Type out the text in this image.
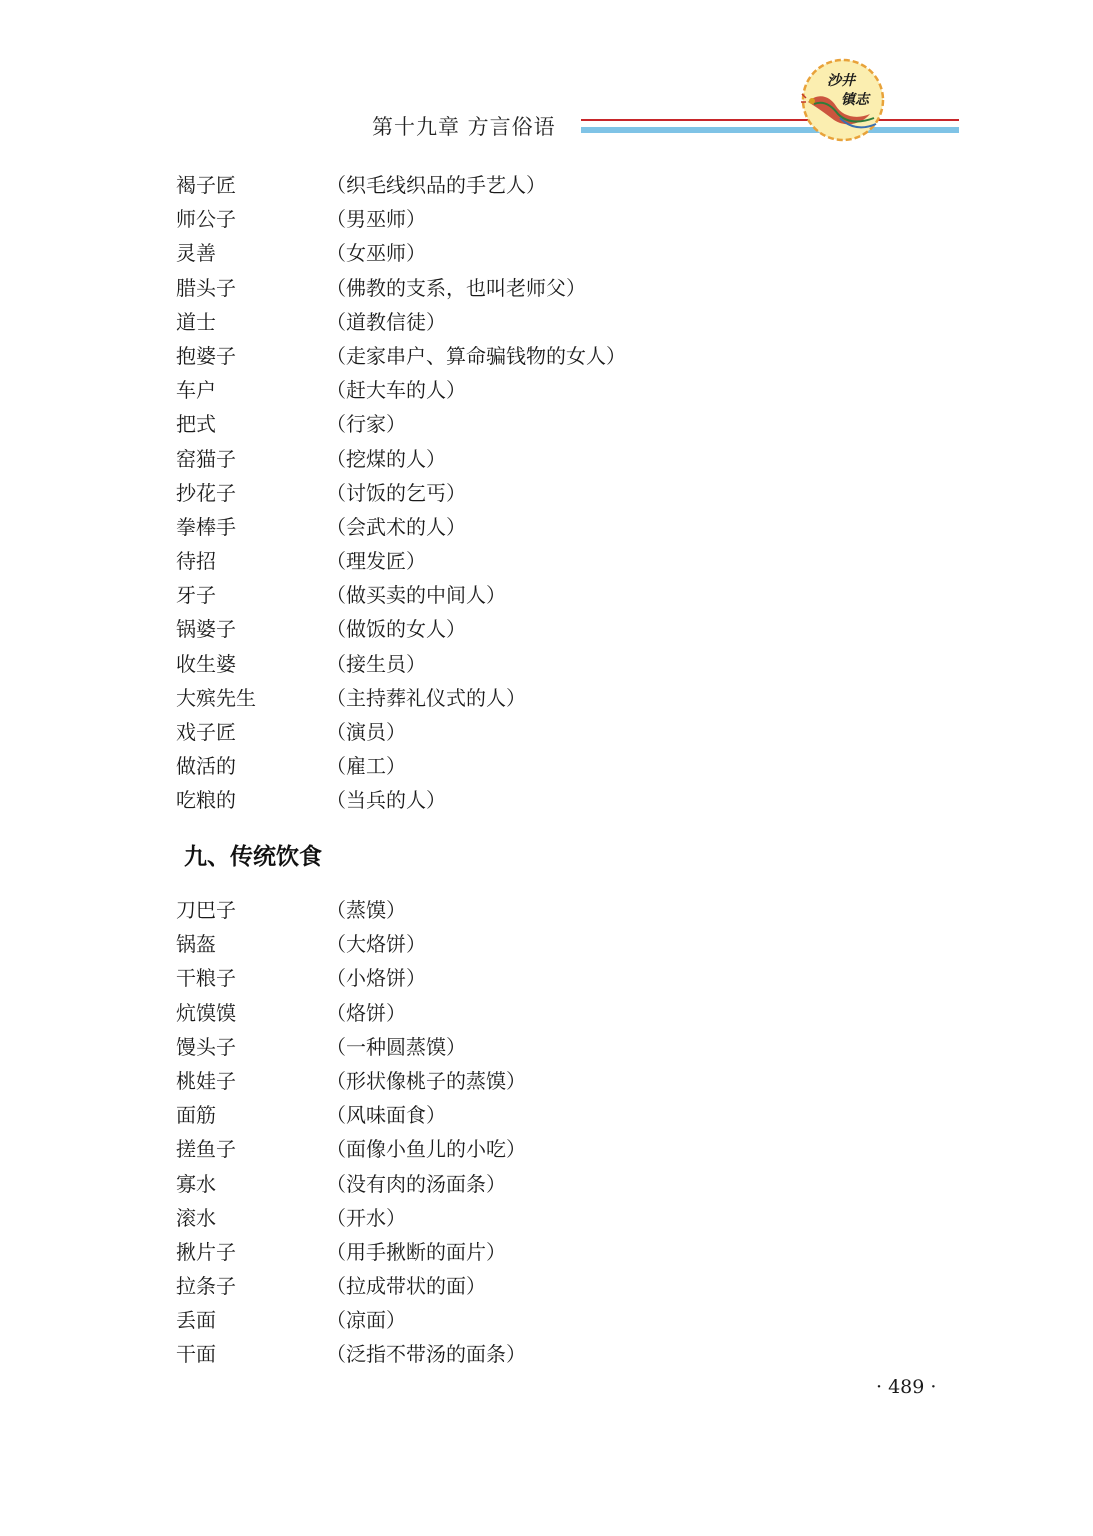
第十九章 方言俗语
沙井
镇志
褐子匠	（织毛线织品的手艺人）
师公子	（男巫师）
灵善	（女巫师）
腊头子	（佛教的支系，也叫老师父）
道士	（道教信徒）
抱婆子	（走家串户、算命骗钱物的女人）
车户	（赶大车的人）
把式	（行家）
窑猫子	（挖煤的人）
抄花子	（讨饭的乞丐）
拳棒手	（会武术的人）
待招	（理发匠）
牙子	（做买卖的中间人）
锅婆子	（做饭的女人）
收生婆	（接生员）
大殡先生	（主持葬礼仪式的人）
戏子匠	（演员）
做活的	（雇工）
吃粮的	（当兵的人）
九、传统饮食
刀巴子	（蒸馍）
锅盔	（大烙饼）
干粮子	（小烙饼）
炕馍馍	（烙饼）
馒头子	（一种圆蒸馍）
桃娃子	（形状像桃子的蒸馍）
面筋	（风味面食）
搓鱼子	（面像小鱼儿的小吃）
寡水	（没有肉的汤面条）
滚水	（开水）
揪片子	（用手揪断的面片）
拉条子	（拉成带状的面）
丢面	（凉面）
干面	（泛指不带汤的面条）
· 489 ·
